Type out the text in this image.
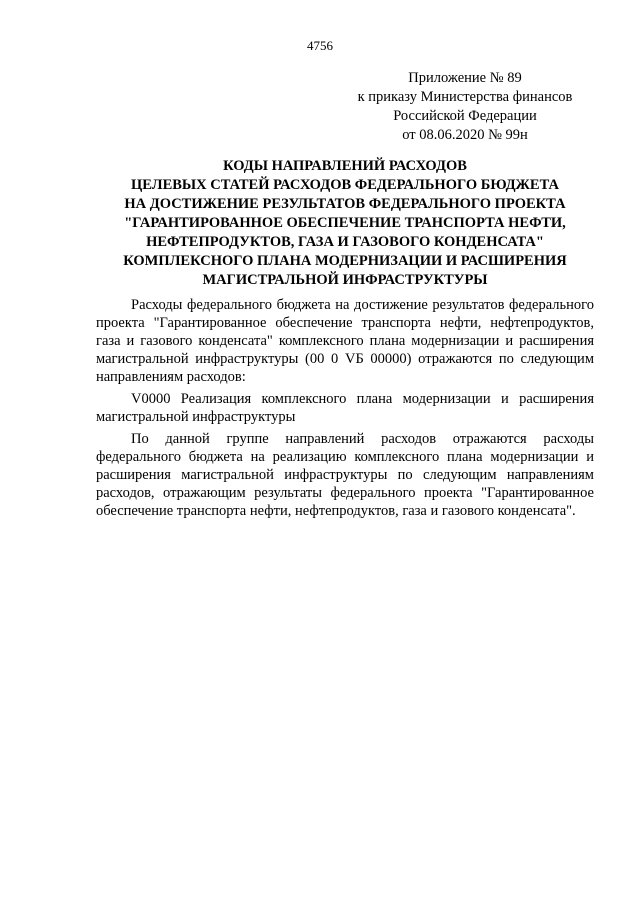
4756
Приложение № 89
к приказу Министерства финансов
Российской Федерации
от 08.06.2020 № 99н
КОДЫ НАПРАВЛЕНИЙ РАСХОДОВ
ЦЕЛЕВЫХ СТАТЕЙ РАСХОДОВ ФЕДЕРАЛЬНОГО БЮДЖЕТА
НА ДОСТИЖЕНИЕ РЕЗУЛЬТАТОВ ФЕДЕРАЛЬНОГО ПРОЕКТА
"ГАРАНТИРОВАННОЕ ОБЕСПЕЧЕНИЕ ТРАНСПОРТА НЕФТИ,
НЕФТЕПРОДУКТОВ, ГАЗА И ГАЗОВОГО КОНДЕНСАТА"
КОМПЛЕКСНОГО ПЛАНА МОДЕРНИЗАЦИИ И РАСШИРЕНИЯ
МАГИСТРАЛЬНОЙ ИНФРАСТРУКТУРЫ

Расходы федерального бюджета на достижение результатов федерального проекта "Гарантированное обеспечение транспорта нефти, нефтепродуктов, газа и газового конденсата" комплексного плана модернизации и расширения магистральной инфраструктуры (00 0 VБ 00000) отражаются по следующим направлениям расходов:

V0000 Реализация комплексного плана модернизации и расширения магистральной инфраструктуры

По данной группе направлений расходов отражаются расходы федерального бюджета на реализацию комплексного плана модернизации и расширения магистральной инфраструктуры по следующим направлениям расходов, отражающим результаты федерального проекта "Гарантированное обеспечение транспорта нефти, нефтепродуктов, газа и газового конденсата".
